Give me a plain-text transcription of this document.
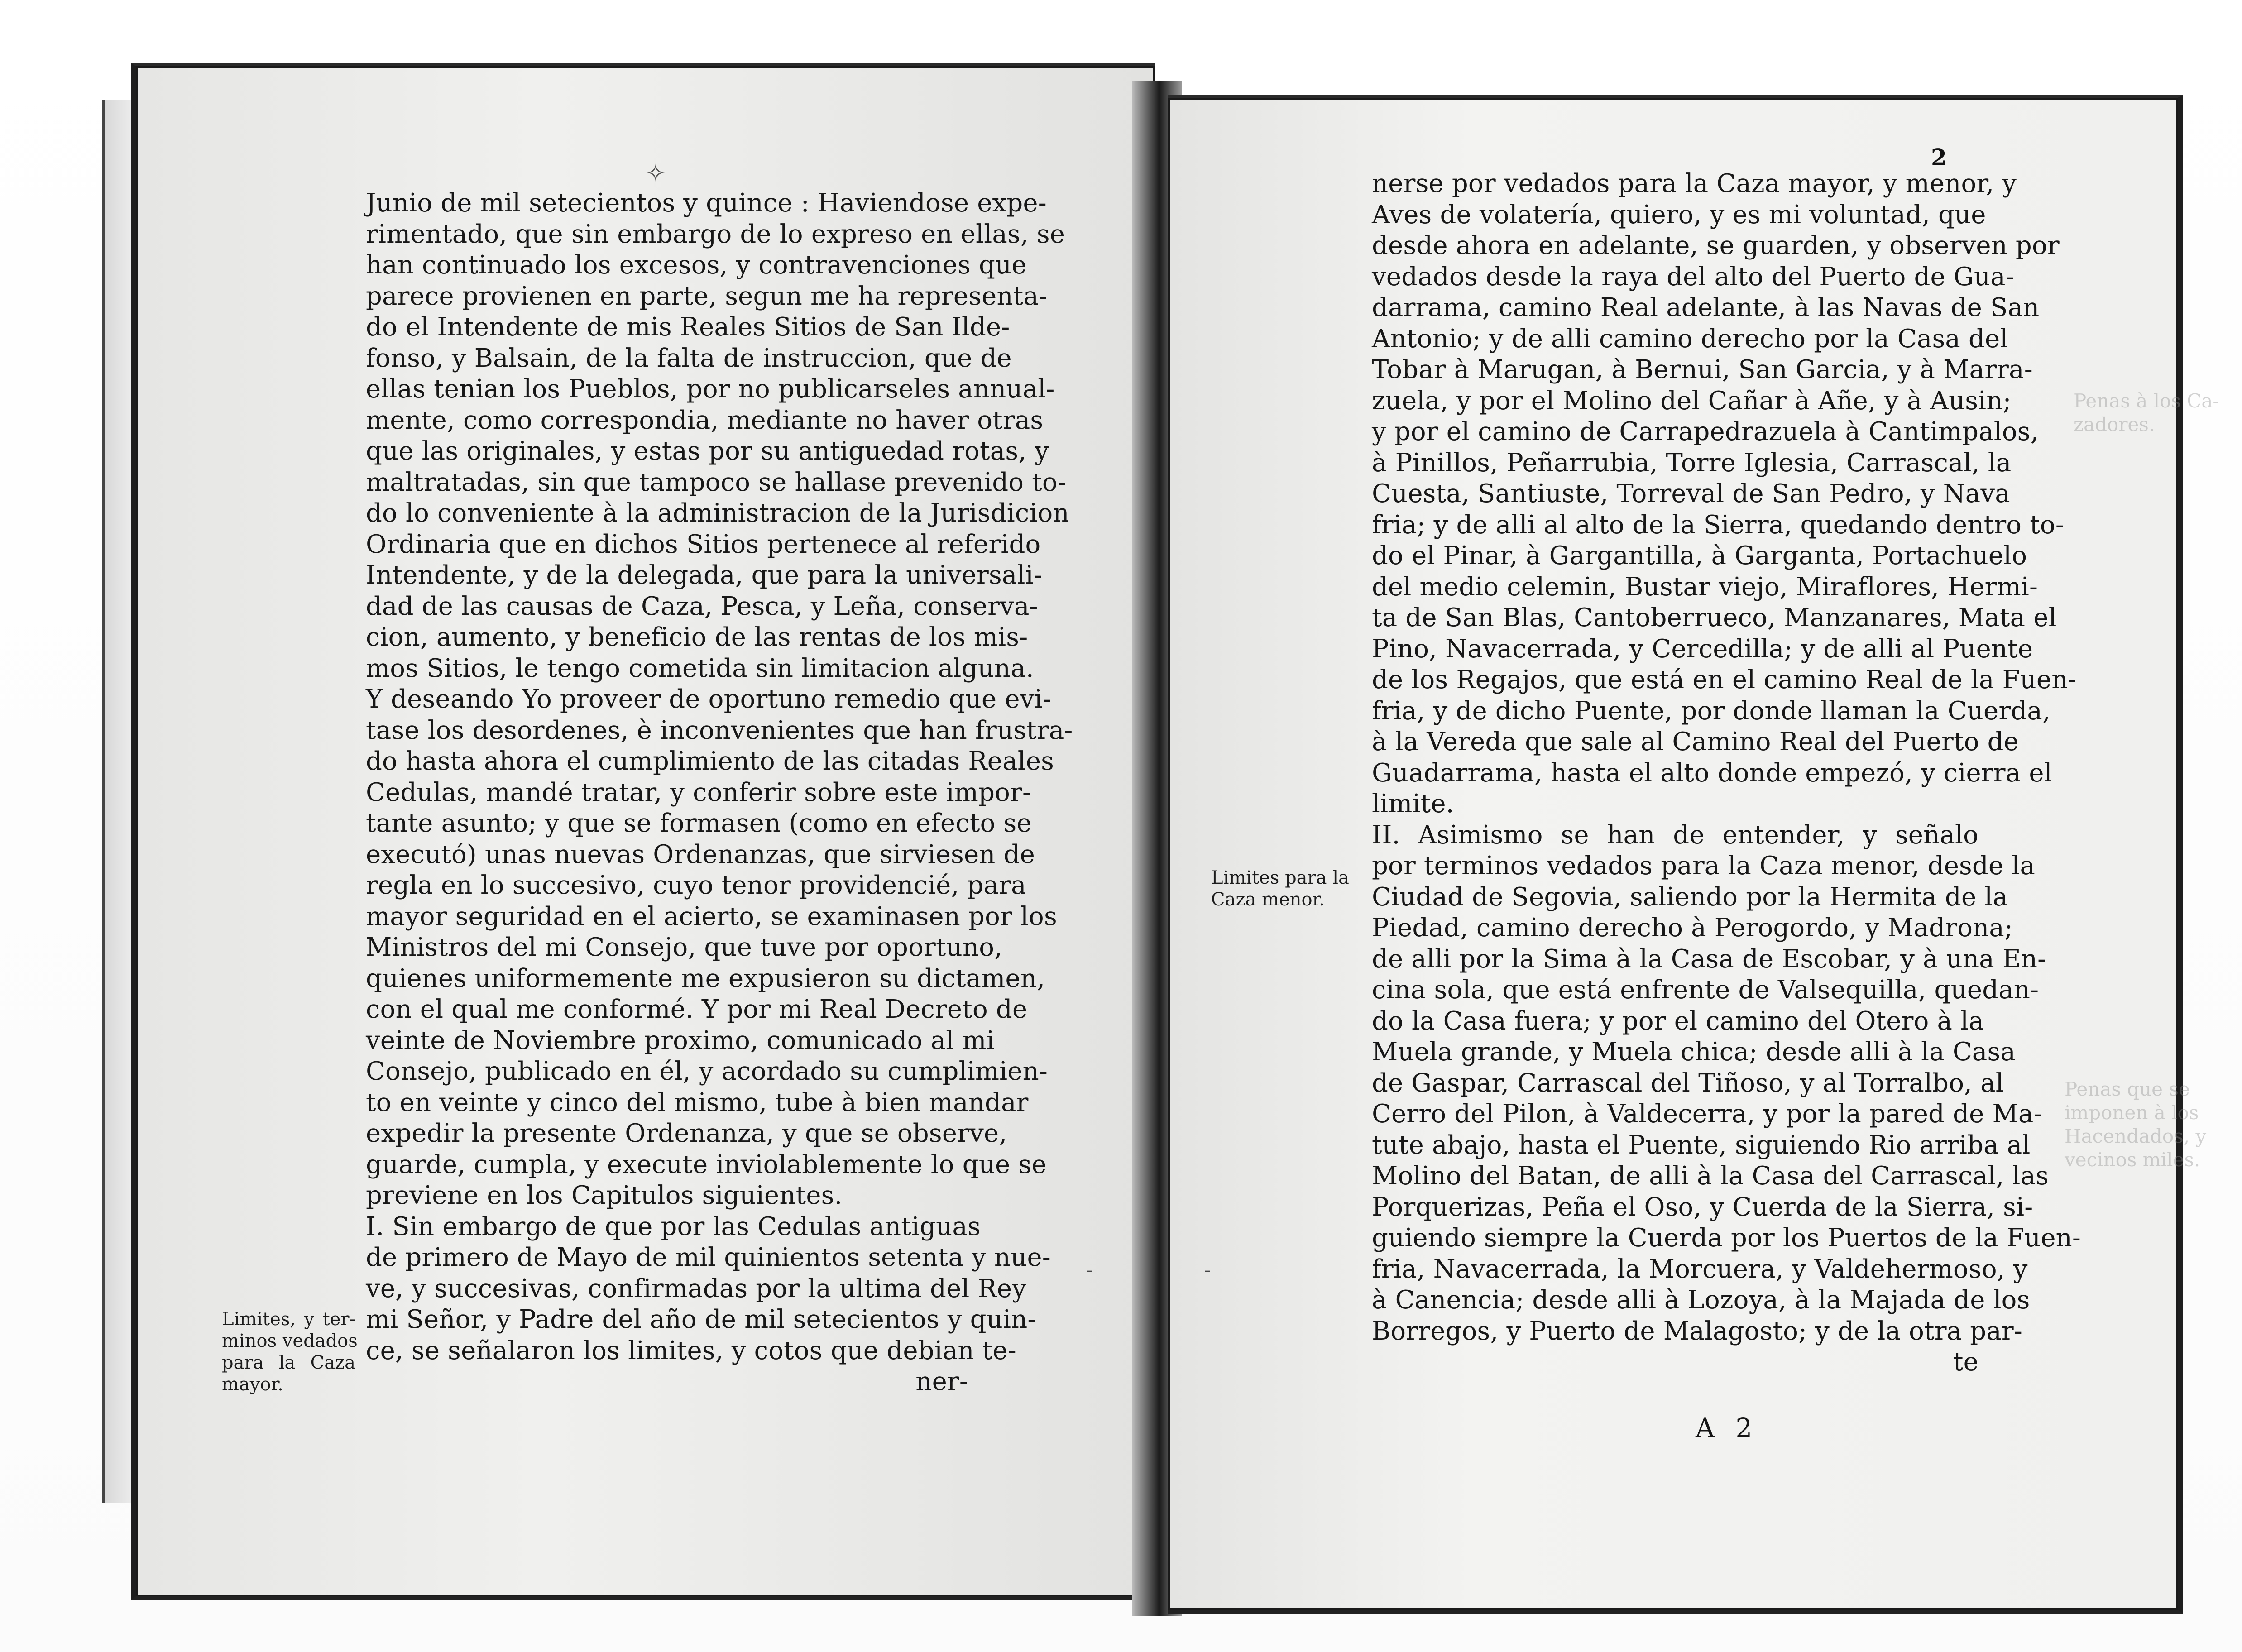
✧
Junio de mil setecientos y quince : Haviendose expe-
rimentado, que sin embargo de lo expreso en ellas, se
han continuado los excesos, y contravenciones que
parece provienen en parte, segun me ha representa-
do el Intendente de mis Reales Sitios de San Ilde-
fonso, y Balsain, de la falta de instruccion, que de
ellas tenian los Pueblos, por no publicarseles annual-
mente, como correspondia, mediante no haver otras
que las originales, y estas por su antiguedad rotas, y
maltratadas, sin que tampoco se hallase prevenido to-
do lo conveniente à la administracion de la Jurisdicion
Ordinaria que en dichos Sitios pertenece al referido
Intendente, y de la delegada, que para la universali-
dad de las causas de Caza, Pesca, y Leña, conserva-
cion, aumento, y beneficio de las rentas de los mis-
mos Sitios, le tengo cometida sin limitacion alguna.
Y deseando Yo proveer de oportuno remedio que evi-
tase los desordenes, è inconvenientes que han frustra-
do hasta ahora el cumplimiento de las citadas Reales
Cedulas, mandé tratar, y conferir sobre este impor-
tante asunto; y que se formasen (como en efecto se
executó) unas nuevas Ordenanzas, que sirviesen de
regla en lo succesivo, cuyo tenor providencié, para
mayor seguridad en el acierto, se examinasen por los
Ministros del mi Consejo, que tuve por oportuno,
quienes uniformemente me expusieron su dictamen,
con el qual me conformé. Y por mi Real Decreto de
veinte de Noviembre proximo, comunicado al mi
Consejo, publicado en él, y acordado su cumplimien-
to en veinte y cinco del mismo, tube à bien mandar
expedir la presente Ordenanza, y que se observe,
guarde, cumpla, y execute inviolablemente lo que se
previene en los Capitulos siguientes.
I. Sin embargo de que por las Cedulas antiguas
de primero de Mayo de mil quinientos setenta y nue-
ve, y succesivas, confirmadas por la ultima del Rey
mi Señor, y Padre del año de mil setecientos y quin-
ce, se señalaron los limites, y cotos que debian te-
ner-
Limites, y ter-
minos vedados
para la Caza
mayor.
2
nerse por vedados para la Caza mayor, y menor, y
Aves de volatería, quiero, y es mi voluntad, que
desde ahora en adelante, se guarden, y observen por
vedados desde la raya del alto del Puerto de Gua-
darrama, camino Real adelante, à las Navas de San
Antonio; y de alli camino derecho por la Casa del
Tobar à Marugan, à Bernui, San Garcia, y à Marra-
zuela, y por el Molino del Cañar à Añe, y à Ausin;
y por el camino de Carrapedrazuela à Cantimpalos,
à Pinillos, Peñarrubia, Torre Iglesia, Carrascal, la
Cuesta, Santiuste, Torreval de San Pedro, y Nava
fria; y de alli al alto de la Sierra, quedando dentro to-
do el Pinar, à Gargantilla, à Garganta, Portachuelo
del medio celemin, Bustar viejo, Miraflores, Hermi-
ta de San Blas, Cantoberrueco, Manzanares, Mata el
Pino, Navacerrada, y Cercedilla; y de alli al Puente
de los Regajos, que está en el camino Real de la Fuen-
fria, y de dicho Puente, por donde llaman la Cuerda,
à la Vereda que sale al Camino Real del Puerto de
Guadarrama, hasta el alto donde empezó, y cierra el
limite.
II. Asimismo se han de entender, y señalo
por terminos vedados para la Caza menor, desde la
Ciudad de Segovia, saliendo por la Hermita de la
Piedad, camino derecho à Perogordo, y Madrona;
de alli por la Sima à la Casa de Escobar, y à una En-
cina sola, que está enfrente de Valsequilla, quedan-
do la Casa fuera; y por el camino del Otero à la
Muela grande, y Muela chica; desde alli à la Casa
de Gaspar, Carrascal del Tiñoso, y al Torralbo, al
Cerro del Pilon, à Valdecerra, y por la pared de Ma-
tute abajo, hasta el Puente, siguiendo Rio arriba al
Molino del Batan, de alli à la Casa del Carrascal, las
Porquerizas, Peña el Oso, y Cuerda de la Sierra, si-
guiendo siempre la Cuerda por los Puertos de la Fuen-
fria, Navacerrada, la Morcuera, y Valdehermoso, y
à Canencia; desde alli à Lozoya, à la Majada de los
Borregos, y Puerto de Malagosto; y de la otra par-
te
Limites para la
Caza menor.
A 2
Penas à los Ca-
zadores.
Penas que se
imponen à los
Hacendados, y
vecinos miles.
-	-
